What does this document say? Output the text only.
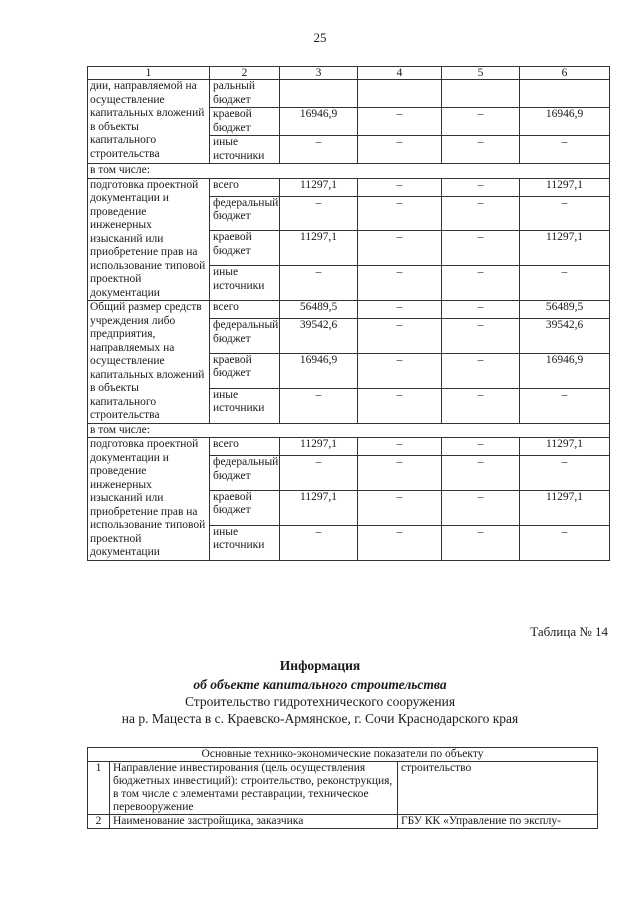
25
1	2	3	4	5	6
дии, направляемой на осуществление капитальных вложений в объекты капитального строительства	ральный бюджет				
	краевой бюджет	16946,9	–	–	16946,9
	иные источники	–	–	–	–
в том числе:					
подготовка проектной документации и проведение инженерных изысканий или приобретение прав на использование типовой проектной документации	всего	11297,1	–	–	11297,1
	федеральный бюджет	–	–	–	–
	краевой бюджет	11297,1	–	–	11297,1
	иные источники	–	–	–	–
Общий размер средств учреждения либо предприятия, направляемых на осуществление капитальных вложений в объекты капитального строительства	всего	56489,5	–	–	56489,5
	федеральный бюджет	39542,6	–	–	39542,6
	краевой бюджет	16946,9	–	–	16946,9
	иные источники	–	–	–	–
в том числе:					
подготовка проектной документации и проведение инженерных изысканий или приобретение прав на использование типовой проектной документации	всего	11297,1	–	–	11297,1
	федеральный бюджет	–	–	–	–
	краевой бюджет	11297,1	–	–	11297,1
	иные источники	–	–	–	–
Таблица № 14
Информация
об объекте капитального строительства
Строительство гидротехнического сооружения
на р. Мацеста в с. Краевско-Армянское, г. Сочи Краснодарского края
Основные технико-экономические показатели по объекту		
1	Направление инвестирования (цель осуществления бюджетных инвестиций): строительство, реконструкция, в том числе с элементами реставрации, техническое перевооружение	строительство
2	Наименование застройщика, заказчика	ГБУ КК «Управление по эксплу-
